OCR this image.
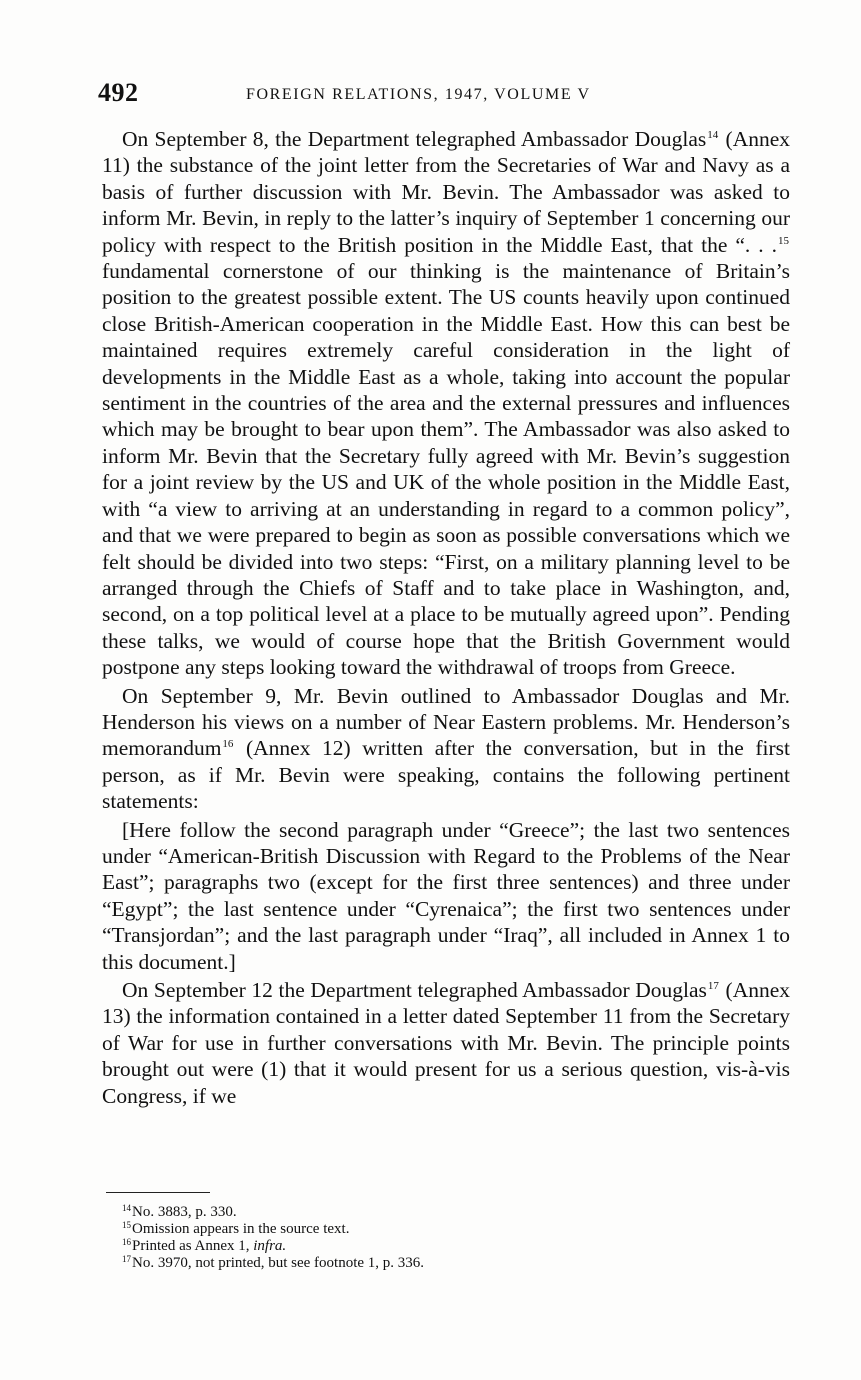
492	FOREIGN RELATIONS, 1947, VOLUME V

On September 8, the Department telegraphed Ambassador Douglas$^{14}$ (Annex 11) the substance of the joint letter from the Secretaries of War and Navy as a basis of further discussion with Mr. Bevin. The Ambassador was asked to inform Mr. Bevin, in reply to the latter’s inquiry of September 1 concerning our policy with respect to the British position in the Middle East, that the “. . .$^{15}$ fundamental cornerstone of our thinking is the maintenance of Britain’s position to the greatest possible extent. The US counts heavily upon continued close British-American cooperation in the Middle East. How this can best be maintained requires extremely careful consideration in the light of developments in the Middle East as a whole, taking into account the popular sentiment in the countries of the area and the external pressures and influences which may be brought to bear upon them”. The Ambassador was also asked to inform Mr. Bevin that the Secretary fully agreed with Mr. Bevin’s suggestion for a joint review by the US and UK of the whole position in the Middle East, with “a view to arriving at an understanding in regard to a common policy”, and that we were prepared to begin as soon as possible conversations which we felt should be divided into two steps: “First, on a military planning level to be arranged through the Chiefs of Staff and to take place in Washington, and, second, on a top political level at a place to be mutually agreed upon”. Pending these talks, we would of course hope that the British Government would postpone any steps looking toward the withdrawal of troops from Greece.

On September 9, Mr. Bevin outlined to Ambassador Douglas and Mr. Henderson his views on a number of Near Eastern problems. Mr. Henderson’s memorandum$^{16}$ (Annex 12) written after the conversation, but in the first person, as if Mr. Bevin were speaking, contains the following pertinent statements:

[Here follow the second paragraph under “Greece”; the last two sentences under “American-British Discussion with Regard to the Problems of the Near East”; paragraphs two (except for the first three sentences) and three under “Egypt”; the last sentence under “Cyrenaica”; the first two sentences under “Transjordan”; and the last paragraph under “Iraq”, all included in Annex 1 to this document.]

On September 12 the Department telegraphed Ambassador Douglas$^{17}$ (Annex 13) the information contained in a letter dated September 11 from the Secretary of War for use in further conversations with Mr. Bevin. The principle points brought out were (1) that it would present for us a serious question, vis-à-vis Congress, if we

$^{14}$No. 3883, p. 330.
$^{15}$Omission appears in the source text.
$^{16}$Printed as Annex 1, infra.
$^{17}$No. 3970, not printed, but see footnote 1, p. 336.
